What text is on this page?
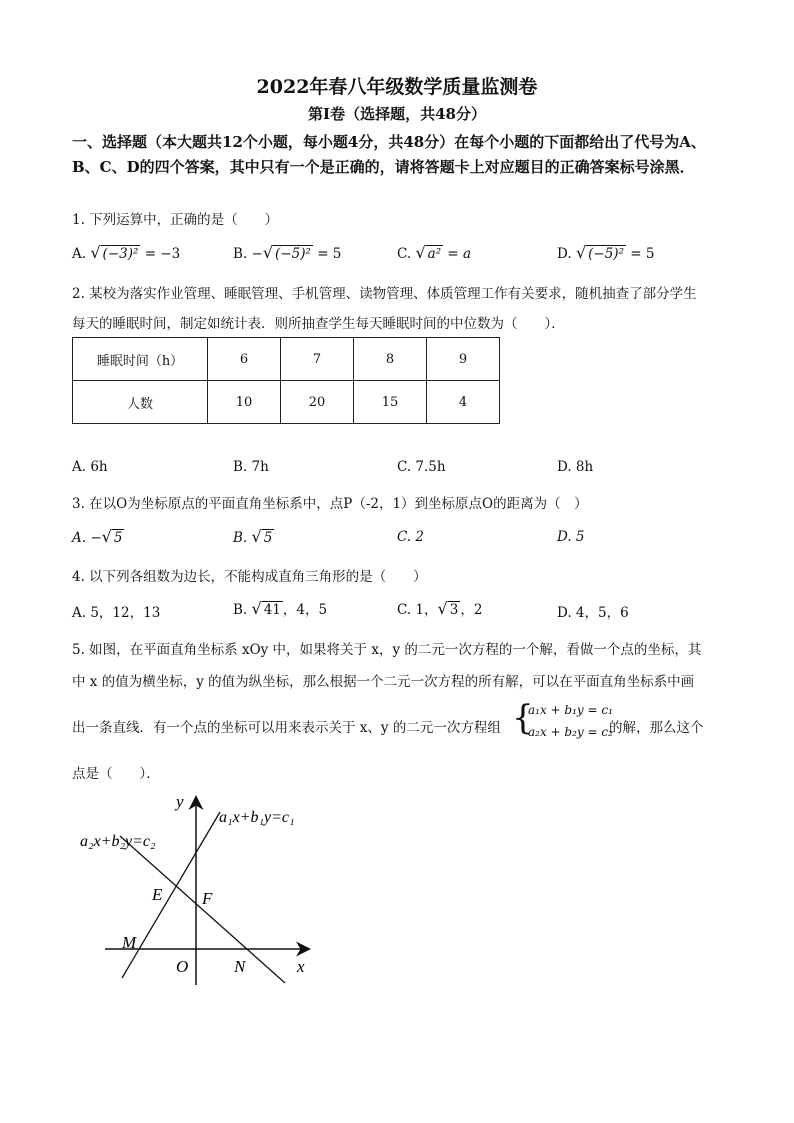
2022年春八年级数学质量监测卷
第Ⅰ卷（选择题，共48分）
一、选择题（本大题共12个小题，每小题4分，共48分）在每个小题的下面都给出了代号为A、B、C、D的四个答案，其中只有一个是正确的，请将答题卡上对应题目的正确答案标号涂黑．
1. 下列运算中，正确的是（　　）
A. √ (−3)² = −3	B. −√ (−5)² = 5	C. √ a² = a	D. √ (−5)² = 5
2. 某校为落实作业管理、睡眠管理、手机管理、读物管理、体质管理工作有关要求，随机抽查了部分学生
每天的睡眠时间，制定如统计表．则所抽查学生每天睡眠时间的中位数为（　　）．
睡眠时间（h）	6	7	8	9
人数	10	20	15	4
A. 6h	B. 7h	C. 7.5h	D. 8h
3. 在以O为坐标原点的平面直角坐标系中，点P（-2，1）到坐标原点O的距离为（　）
A. −√ 5	B. √ 5	C. 2	D. 5
4. 以下列各组数为边长，不能构成直角三角形的是（　　）
A. 5，12，13	B. √ 41 ，4，5	C. 1，√ 3 ，2	D. 4，5，6
5. 如图，在平面直角坐标系 xOy 中，如果将关于 x，y 的二元一次方程的一个解，看做一个点的坐标，其
中 x 的值为横坐标，y 的值为纵坐标，那么根据一个二元一次方程的所有解，可以在平面直角坐标系中画
出一条直线．有一个点的坐标可以用来表示关于 x、y 的二元一次方程组 {
a₁x + b₁y = c₁
a₂x + b₂y = c₂
的解，那么这个
点是（　　）．
y
x
O
a₁x+b₁y=c₁
a₂x+b₂y=c₂
E F
M
N
